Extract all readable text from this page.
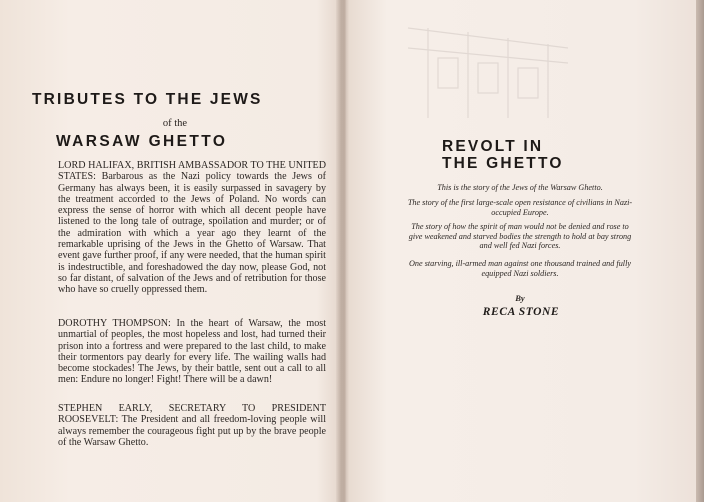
TRIBUTES TO THE JEWS
of the
WARSAW GHETTO
LORD HALIFAX, BRITISH AMBASSADOR TO THE UNITED STATES: Barbarous as the Nazi policy towards the Jews of Germany has always been, it is easily surpassed in savagery by the treatment accorded to the Jews of Poland. No words can express the sense of horror with which all decent people have listened to the long tale of outrage, spoilation and murder; or of the admiration with which a year ago they learnt of the remarkable uprising of the Jews in the Ghetto of Warsaw. That event gave further proof, if any were needed, that the human spirit is indestructible, and foreshadowed the day now, please God, not so far distant, of salvation of the Jews and of retribution for those who have so cruelly oppressed them.
DOROTHY THOMPSON: In the heart of Warsaw, the most unmartial of peoples, the most hopeless and lost, had turned their prison into a fortress and were prepared to the last child, to make their tormentors pay dearly for every life. The wailing walls had become stockades! The Jews, by their battle, sent out a call to all men: Endure no longer! Fight! There will be a dawn!
STEPHEN EARLY, SECRETARY TO PRESIDENT ROOSEVELT: The President and all freedom-loving people will always remember the courageous fight put up by the brave people of the Warsaw Ghetto.
REVOLT IN
THE GHETTO
This is the story of the Jews of the Warsaw Ghetto.
The story of the first large-scale open resistance of civilians in Nazi-occupied Europe.
The story of how the spirit of man would not be denied and rose to give weakened and starved bodies the strength to hold at bay strong and well fed Nazi forces.
One starving, ill-armed man against one thousand trained and fully equipped Nazi soldiers.
By
RECA STONE
